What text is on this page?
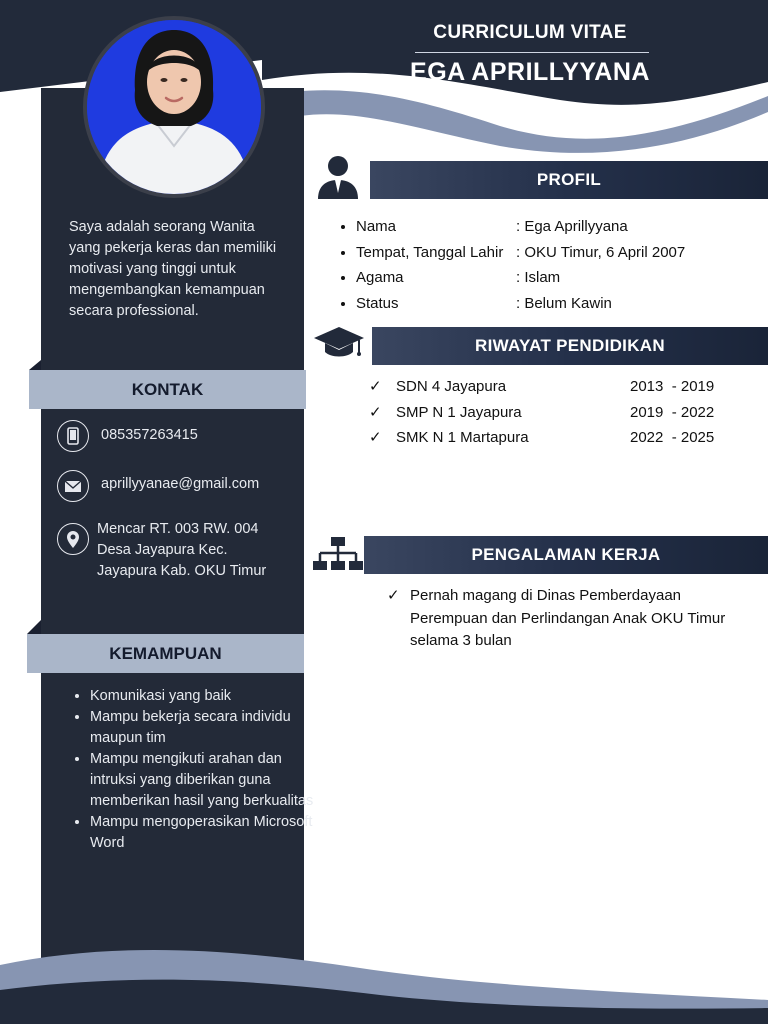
CURRICULUM VITAE
EGA APRILLYYANA
Saya adalah seorang Wanita yang pekerja keras dan memiliki motivasi yang tinggi untuk mengembangkan kemampuan secara professional.
KONTAK
085357263415
aprillyyanae@gmail.com
Mencar RT. 003 RW. 004
Desa Jayapura Kec.
Jayapura Kab. OKU Timur
KEMAMPUAN
• Komunikasi yang baik
• Mampu bekerja secara individu maupun tim
• Mampu mengikuti arahan dan intruksi yang diberikan guna memberikan hasil yang berkualitas
• Mampu mengoperasikan Microsoft Word
PROFIL
• Nama	: Ega Aprillyyana
• Tempat, Tanggal Lahir : OKU Timur, 6 April 2007
• Agama	: Islam
• Status	: Belum Kawin
RIWAYAT PENDIDIKAN
✓ SDN 4 Jayapura	2013  - 2019
✓ SMP N 1 Jayapura	2019  - 2022
✓ SMK N 1 Martapura	2022  - 2025
PENGALAMAN KERJA
✓ Pernah magang di Dinas Pemberdayaan Perempuan dan Perlindangan Anak OKU Timur selama 3 bulan
